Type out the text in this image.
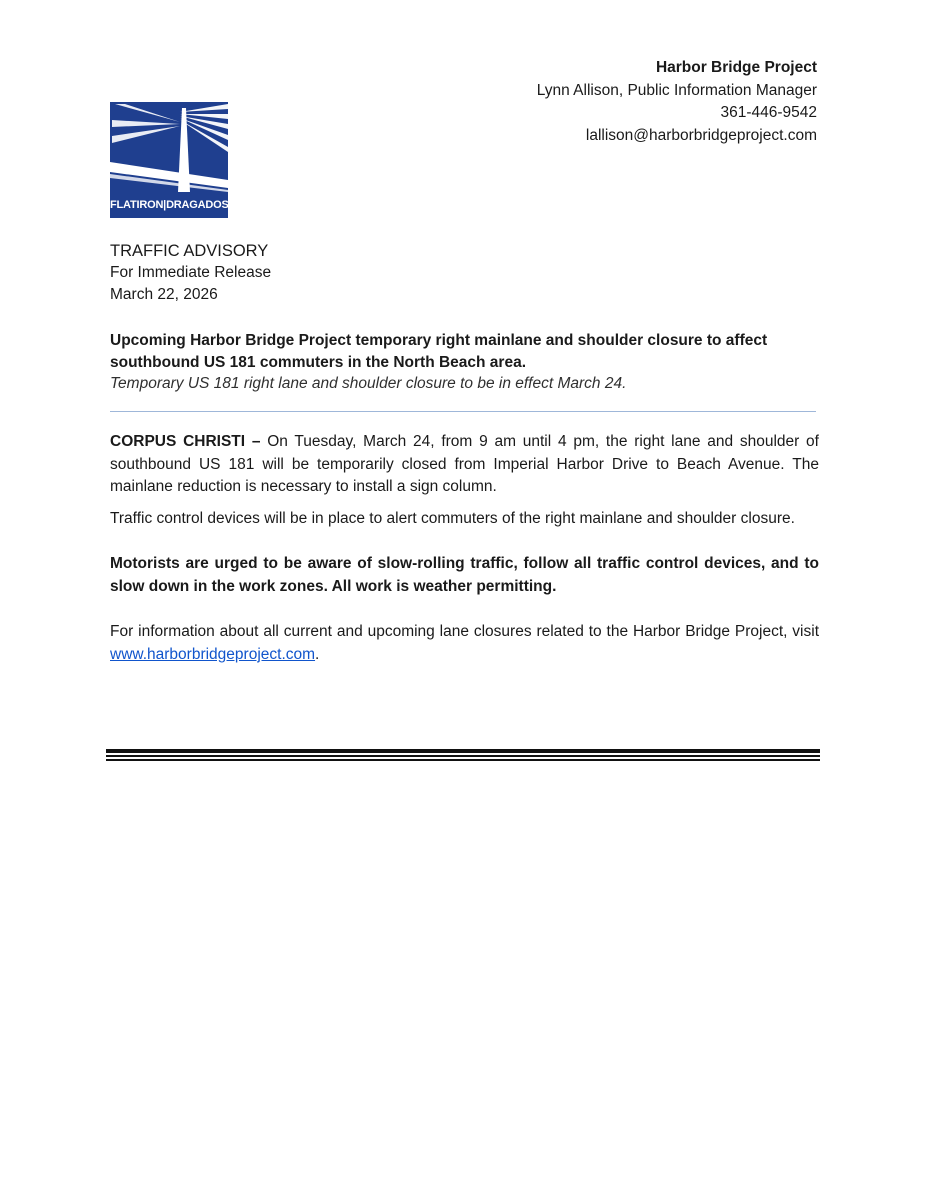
Harbor Bridge Project
Lynn Allison, Public Information Manager
361-446-9542
lallison@harborbridgeproject.com
FLATIRON|DRAGADOS
TRAFFIC ADVISORY
For Immediate Release
March 22, 2026
Upcoming Harbor Bridge Project temporary right mainlane and shoulder closure to affect southbound US 181 commuters in the North Beach area.
Temporary US 181 right lane and shoulder closure to be in effect March 24.

CORPUS CHRISTI – On Tuesday, March 24, from 9 am until 4 pm, the right lane and shoulder of southbound US 181 will be temporarily closed from Imperial Harbor Drive to Beach Avenue. The mainlane reduction is necessary to install a sign column.

Traffic control devices will be in place to alert commuters of the right mainlane and shoulder closure.

Motorists are urged to be aware of slow-rolling traffic, follow all traffic control devices, and to slow down in the work zones. All work is weather permitting.

For information about all current and upcoming lane closures related to the Harbor Bridge Project, visit www.harborbridgeproject.com.
